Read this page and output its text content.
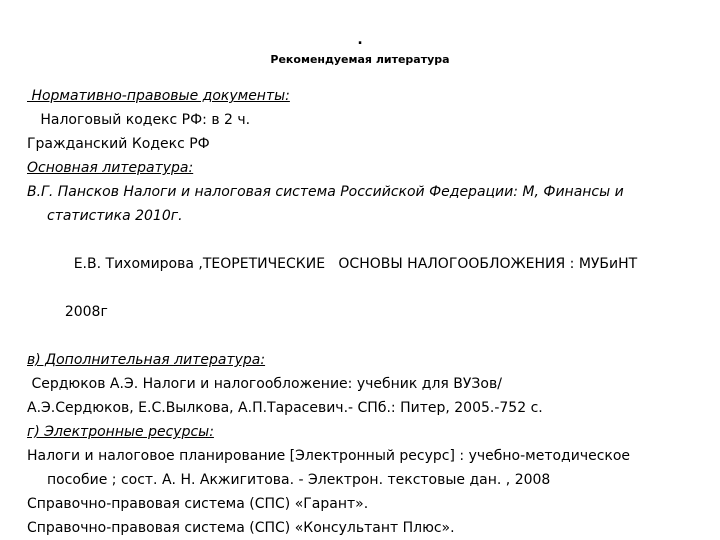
.
Рекомендуемая литература
Нормативно-правовые документы:
Налоговый кодекс РФ: в 2 ч.
Гражданский Кодекс РФ
Основная литература:
В.Г. Пансков Налоги и налоговая система Российской Федерации: М, Финансы и
статистика 2010г.

Е.В. Тихомирова ,ТЕОРЕТИЧЕСКИЕ   ОСНОВЫ НАЛОГООБЛОЖЕНИЯ : МУБиНТ

2008г

в) Дополнительная литература:
Сердюков А.Э. Налоги и налогообложение: учебник для ВУЗов/
А.Э.Сердюков, Е.С.Вылкова, А.П.Тарасевич.- СПб.: Питер, 2005.-752 с.
г) Электронные ресурсы:
Налоги и налоговое планирование [Электронный ресурс] : учебно-методическое
пособие ; сост. А. Н. Акжигитова. - Электрон. текстовые дан. , 2008
Справочно-правовая система (СПС) «Гарант».
Справочно-правовая система (СПС) «Консультант Плюс».
